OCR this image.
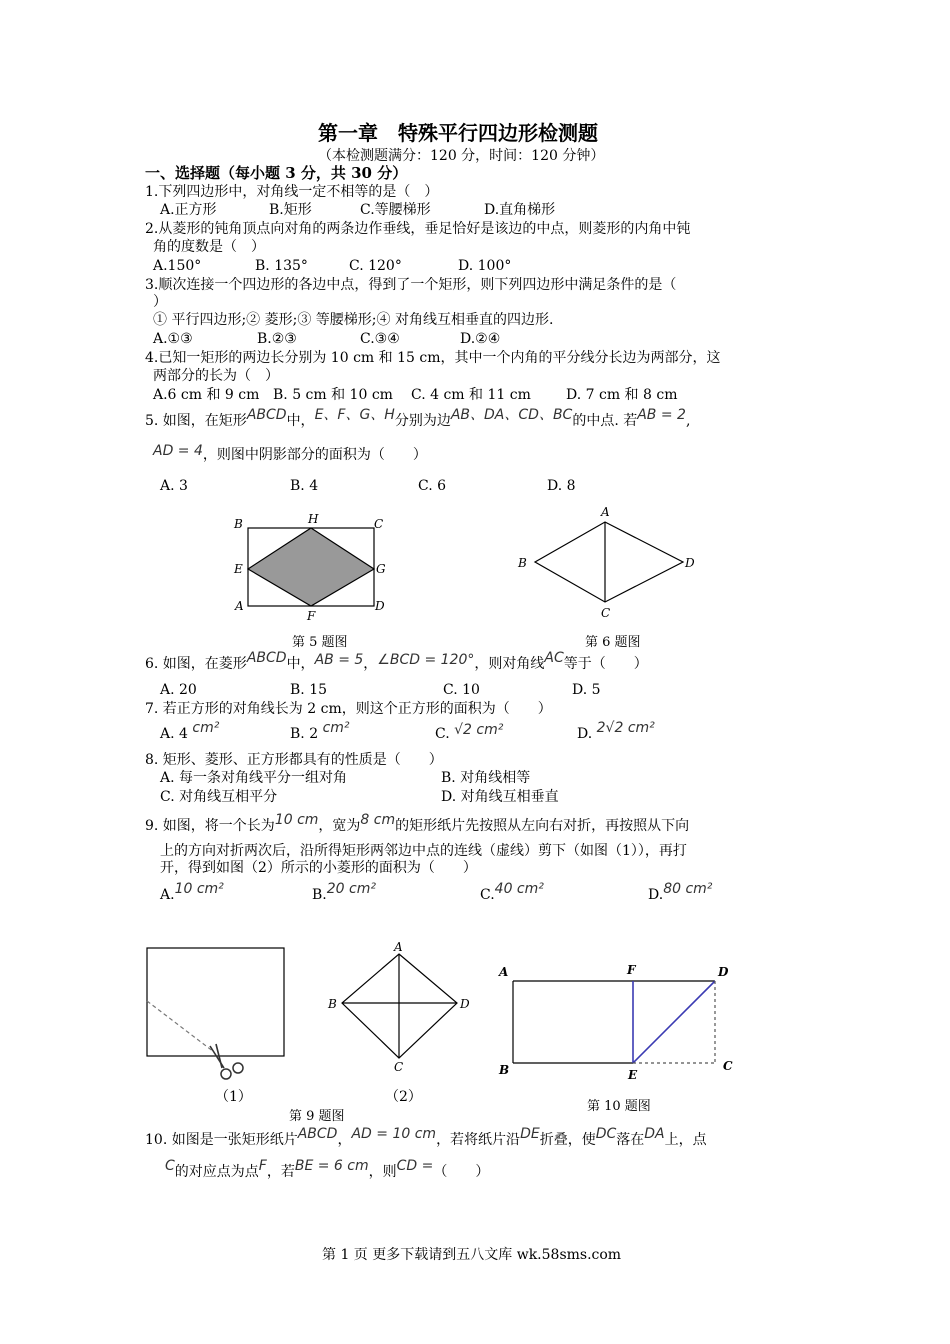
第一章　特殊平行四边形检测题
（本检测题满分：120 分，时间：120 分钟）
一、选择题（每小题 3 分，共 30 分）
1.下列四边形中，对角线一定不相等的是（　）
A.正方形	B.矩形	C.等腰梯形	D.直角梯形
2.从菱形的钝角顶点向对角的两条边作垂线，垂足恰好是该边的中点，则菱形的内角中钝
角的度数是（　）
A.150°	B. 135°	C. 120°	D. 100°
3.顺次连接一个四边形的各边中点，得到了一个矩形，则下列四边形中满足条件的是（
）
① 平行四边形;② 菱形;③ 等腰梯形;④ 对角线互相垂直的四边形.
A.①③	B.②③	C.③④	D.②④
4.已知一矩形的两边长分别为 10 cm 和 15 cm，其中一个内角的平分线分长边为两部分，这
两部分的长为（　）
A.6 cm 和 9 cm B. 5 cm 和 10 cm C. 4 cm 和 11 cm	D. 7 cm 和 8 cm
5. 如图，在矩形ABCD中，E、F、G、H分别为边AB、DA、CD、BC的中点. 若AB = 2,
AD = 4，则图中阴影部分的面积为（　　）
A. 3	B. 4	C. 6	D. 8
B	H	C
E	G
A
F
D
第 5 题图
A
B	D
C
第 6 题图
6. 如图，在菱形ABCD中，AB = 5，∠BCD = 120°，则对角线AC等于（　　）
A. 20	B. 15	C. 10	D. 5
7. 若正方形的对角线长为 2 cm，则这个正方形的面积为（　　）
A. 4 cm²	B. 2 cm²	C. √2 cm²	D. 2√2 cm²
8. 矩形、菱形、正方形都具有的性质是（　　）
A. 每一条对角线平分一组对角	B. 对角线相等
C. 对角线互相平分	D. 对角线互相垂直
9. 如图，将一个长为10 cm，宽为8 cm的矩形纸片先按照从左向右对折，再按照从下向
上的方向对折两次后，沿所得矩形两邻边中点的连线（虚线）剪下（如图（1）），再打
开，得到如图（2）所示的小菱形的面积为（　　）
A.10 cm²	B.20 cm²	C.40 cm²	D.80 cm²
（1）
A
B	D
C
（2）
第 9 题图
A	F	D
B	E
C
第 10 题图
10. 如图是一张矩形纸片ABCD，AD = 10 cm，若将纸片沿DE折叠，使DC落在DA上，点
C的对应点为点F，若BE = 6 cm，则CD =（　　）
第 1 页 更多下载请到五八文库 wk.58sms.com
